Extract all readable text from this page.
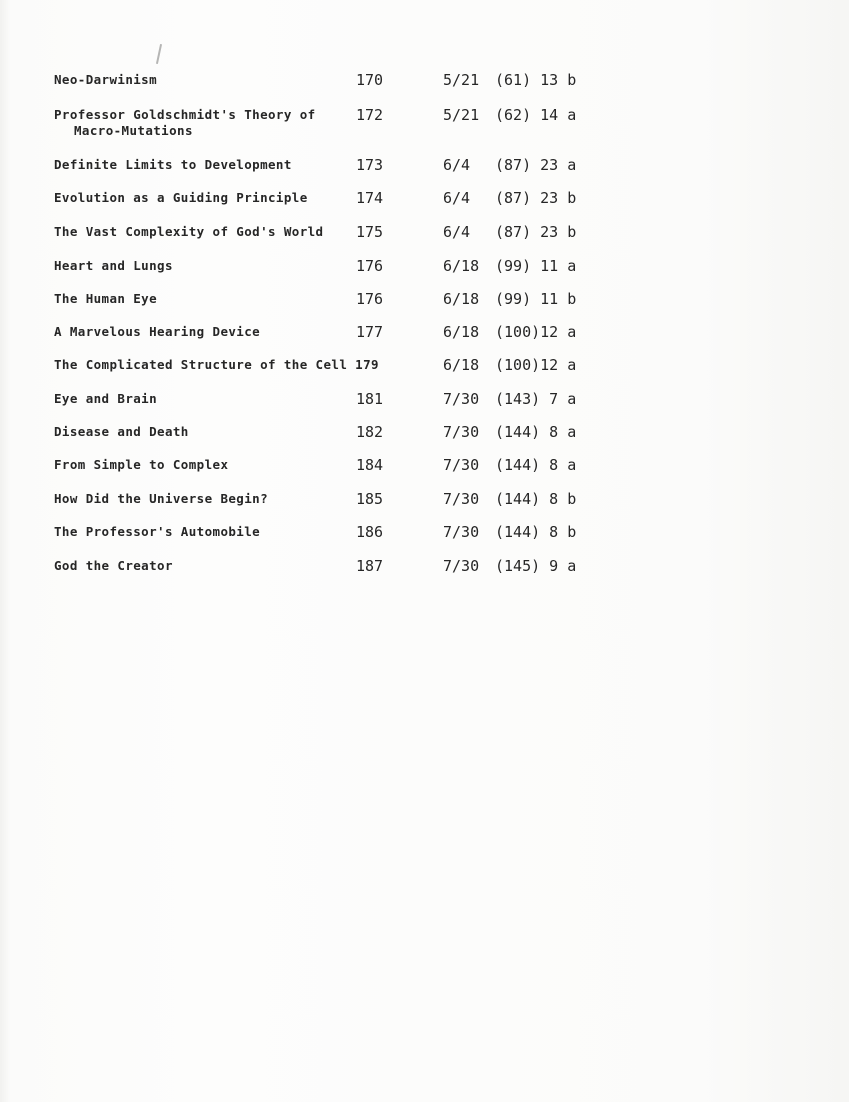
Neo-Darwinism	170	5/21 (61) 13 b
Professor Goldschmidt's Theory of
Macro-Mutations
172	5/21 (62) 14 a
Definite Limits to Development	173	6/4 (87) 23 a
Evolution as a Guiding Principle	174	6/4 (87) 23 b
The Vast Complexity of God's World 175	6/4 (87) 23 b
Heart and Lungs	176	6/18 (99) 11 a
The Human Eye	176	6/18 (99) 11 b
A Marvelous Hearing Device	177	6/18 (100)12 a
The Complicated Structure of the Cell 179	6/18 (100)12 a
Eye and Brain	181	7/30 (143) 7 a
Disease and Death	182	7/30 (144) 8 a
From Simple to Complex	184	7/30 (144) 8 a
How Did the Universe Begin?	185	7/30 (144) 8 b
The Professor's Automobile	186	7/30 (144) 8 b
God the Creator	187	7/30 (145) 9 a
